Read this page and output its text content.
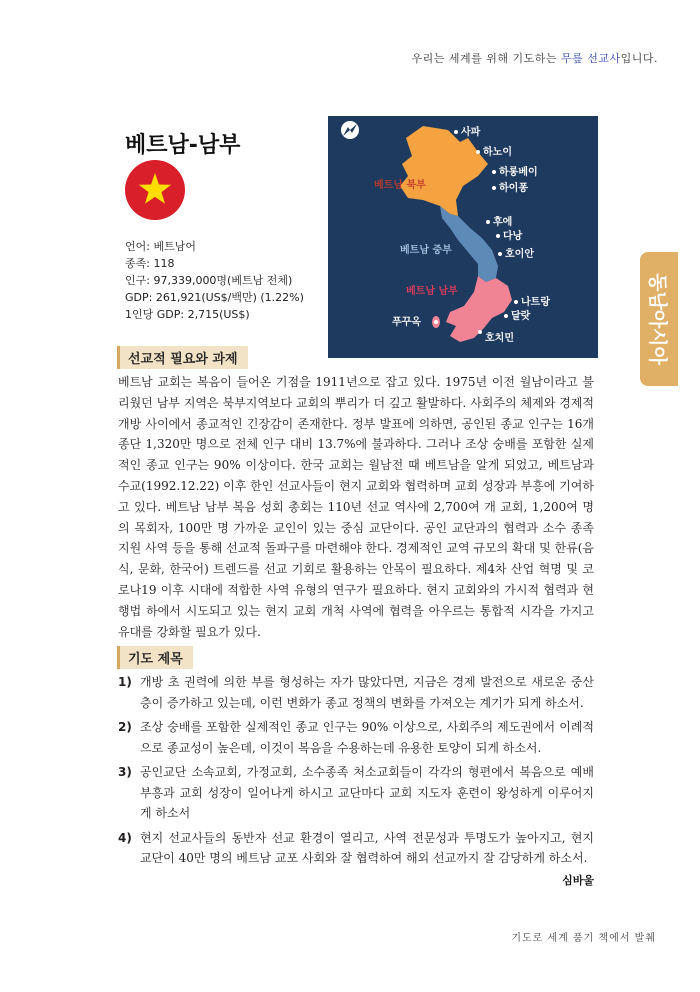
우리는 세계를 위해 기도하는 무릎 선교사입니다.
동남아시아
베트남-남부
언어: 베트남어
종족: 118
인구: 97,339,000명(베트남 전체)
GDP: 261,921(US$/백만) (1.22%)
1인당 GDP: 2,715(US$)
베트남 북부
베트남 중부
베트남 남부
사파
하노이
하롱베이
하이퐁
후에
다낭
호이안
나트랑
달랏
푸꾸옥
호치민
선교적 필요와 과제

베트남 교회는 복음이 들어온 기점을 1911년으로 잡고 있다. 1975년 이전 월남이라고 불리웠던 남부 지역은 북부지역보다 교회의 뿌리가 더 깊고 활발하다. 사회주의 체제와 경제적 개방 사이에서 종교적인 긴장감이 존재한다. 정부 발표에 의하면, 공인된 종교 인구는 16개 종단 1,320만 명으로 전체 인구 대비 13.7%에 불과하다. 그러나 조상 숭배를 포함한 실제적인 종교 인구는 90% 이상이다. 한국 교회는 월남전 때 베트남을 알게 되었고, 베트남과 수교(1992.12.22) 이후 한인 선교사들이 현지 교회와 협력하며 교회 성장과 부흥에 기여하고 있다. 베트남 남부 복음 성회 총회는 110년 선교 역사에 2,700여 개 교회, 1,200여 명의 목회자, 100만 명 가까운 교인이 있는 중심 교단이다. 공인 교단과의 협력과 소수 종족 지원 사역 등을 통해 선교적 돌파구를 마련해야 한다. 경제적인 교역 규모의 확대 및 한류(음식, 문화, 한국어) 트렌드를 선교 기회로 활용하는 안목이 필요하다. 제4차 산업 혁명 및 코로나19 이후 시대에 적합한 사역 유형의 연구가 필요하다. 현지 교회와의 가시적 협력과 현행법 하에서 시도되고 있는 현지 교회 개척 사역에 협력을 아우르는 통합적 시각을 가지고 유대를 강화할 필요가 있다.

기도 제목
1) 개방 초 권력에 의한 부를 형성하는 자가 많았다면, 지금은 경제 발전으로 새로운 중산층이 증가하고 있는데, 이런 변화가 종교 정책의 변화를 가져오는 계기가 되게 하소서.
2) 조상 숭배를 포함한 실제적인 종교 인구는 90% 이상으로, 사회주의 제도권에서 이례적으로 종교성이 높은데, 이것이 복음을 수용하는데 유용한 토양이 되게 하소서.
3) 공인교단 소속교회, 가정교회, 소수종족 처소교회들이 각각의 형편에서 복음으로 예배 부흥과 교회 성장이 일어나게 하시고 교단마다 교회 지도자 훈련이 왕성하게 이루어지게 하소서
4) 현지 선교사들의 동반자 선교 환경이 열리고, 사역 전문성과 투명도가 높아지고, 현지 교단이 40만 명의 베트남 교포 사회와 잘 협력하여 해외 선교까지 잘 감당하게 하소서.
심바울
기도로 세계 품기 책에서 발췌
